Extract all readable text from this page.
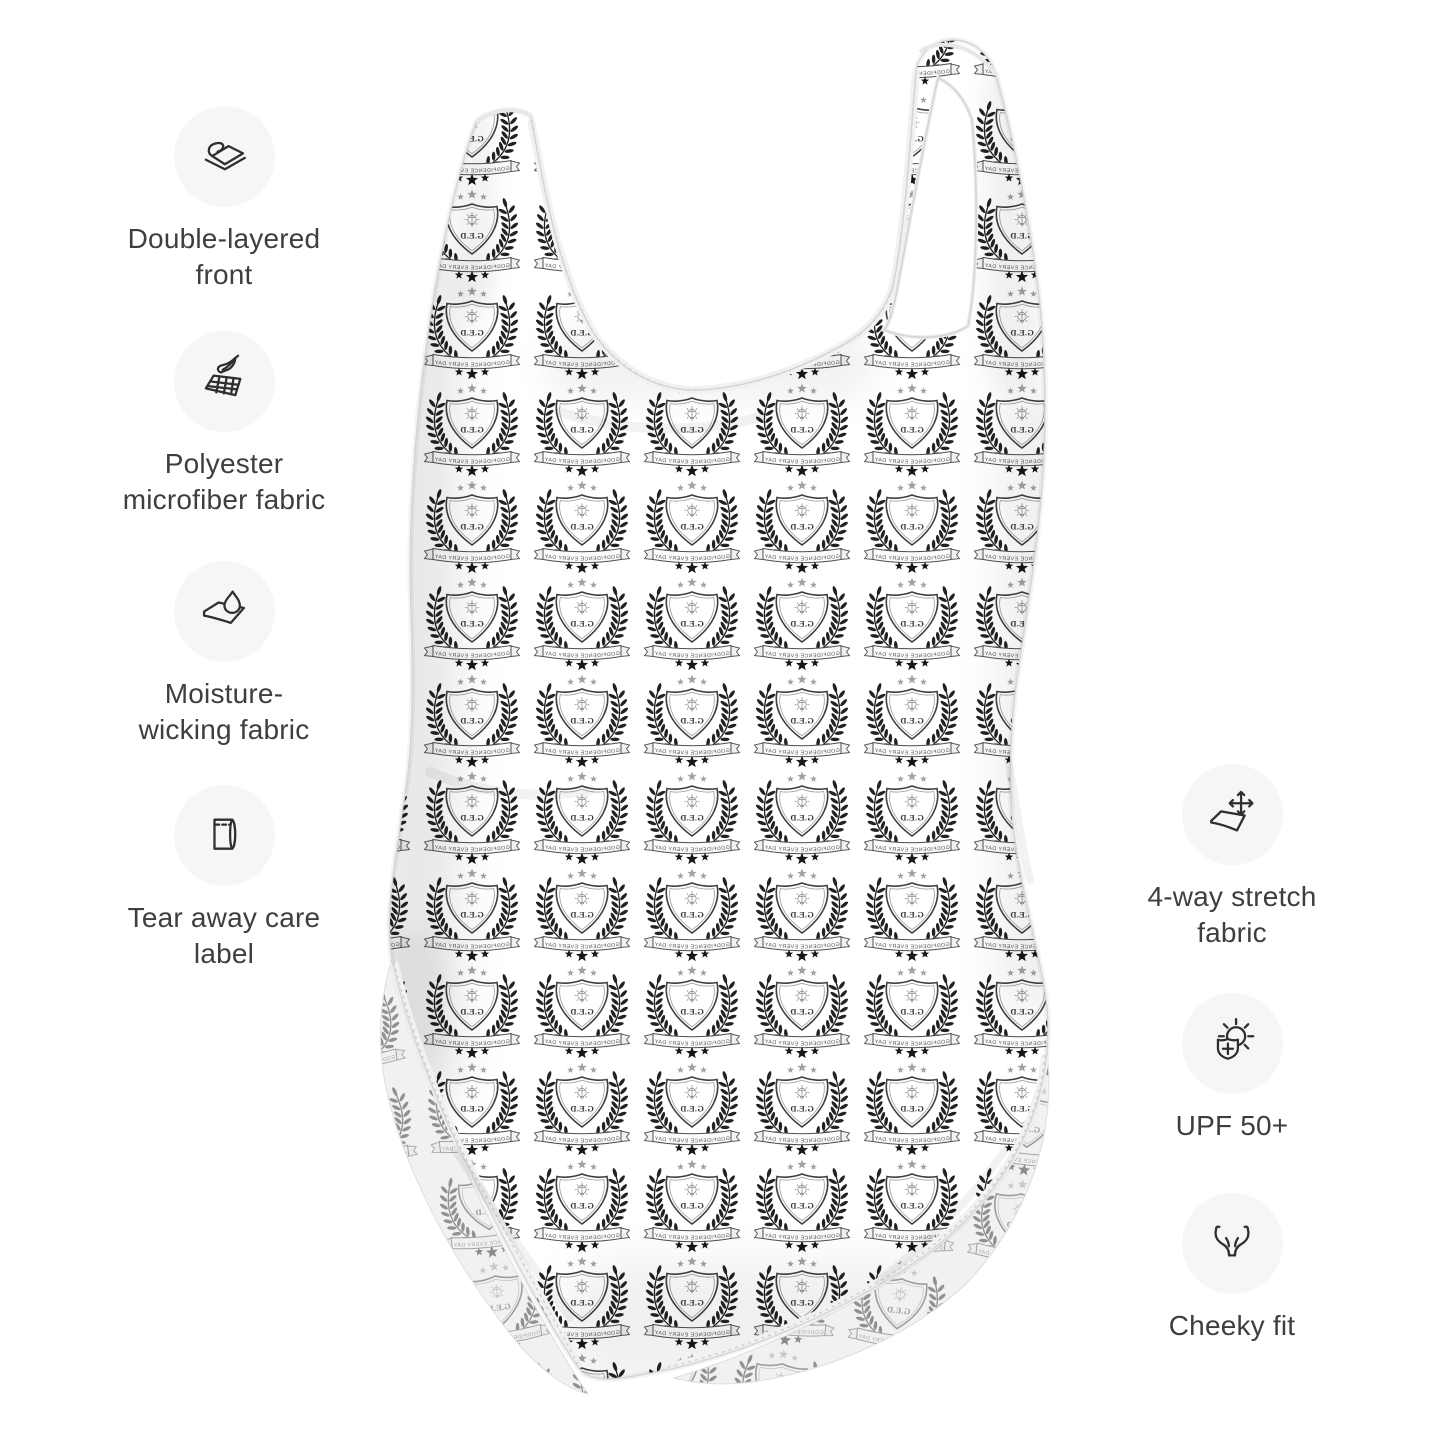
Double-layered
front
Polyester
microfiber fabric
Moisture-
wicking fabric
Tear away care
label
4-way stretch
fabric
UPF 50+
Cheeky fit
